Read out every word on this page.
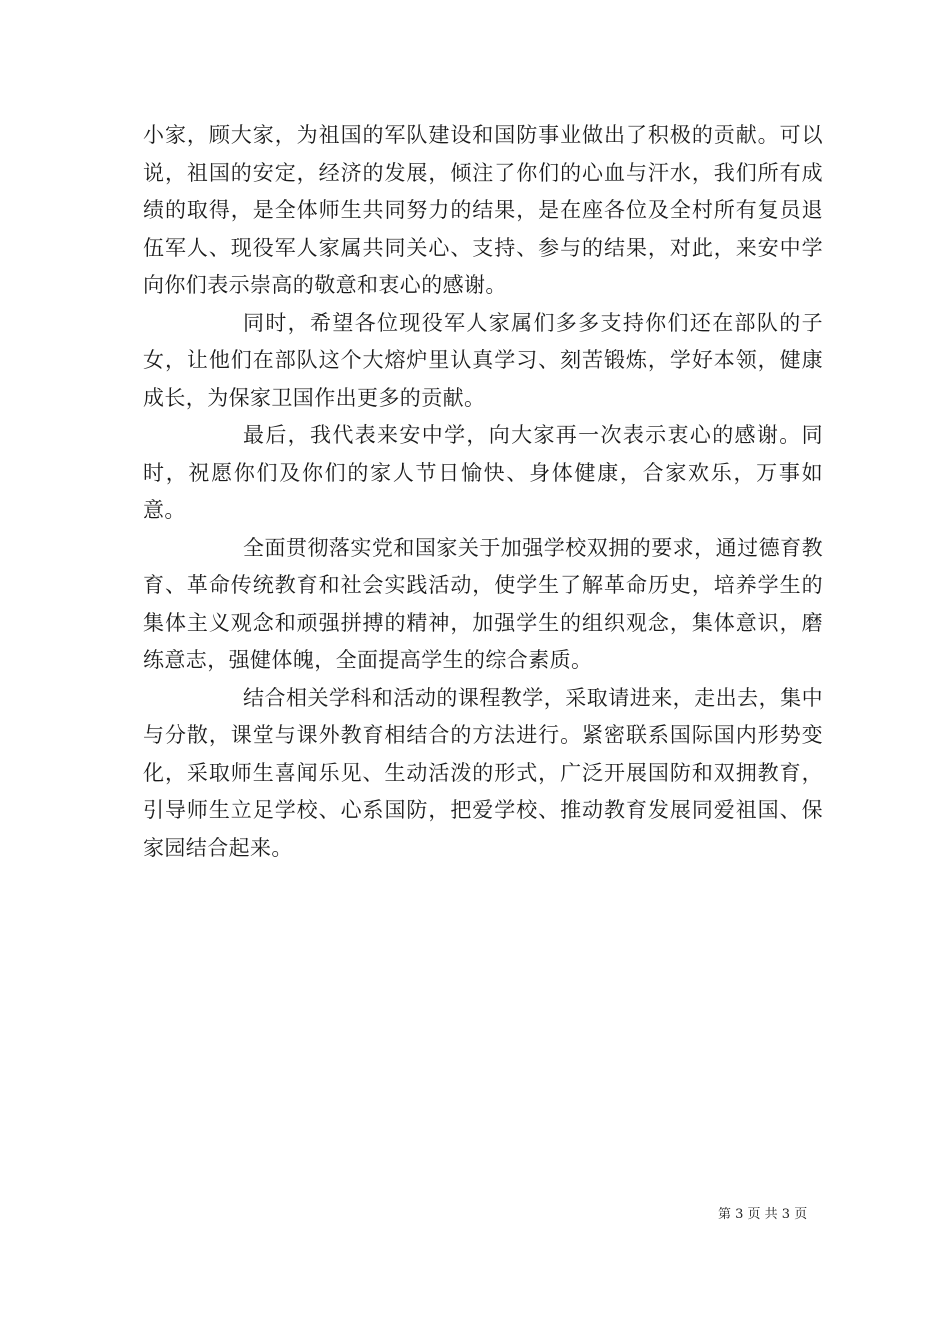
小家，顾大家，为祖国的军队建设和国防事业做出了积极的贡献。可以说，祖国的安定，经济的发展，倾注了你们的心血与汗水，我们所有成绩的取得，是全体师生共同努力的结果，是在座各位及全村所有复员退伍军人、现役军人家属共同关心、支持、参与的结果，对此，来安中学向你们表示崇高的敬意和衷心的感谢。

同时，希望各位现役军人家属们多多支持你们还在部队的子女，让他们在部队这个大熔炉里认真学习、刻苦锻炼，学好本领，健康成长，为保家卫国作出更多的贡献。

最后，我代表来安中学，向大家再一次表示衷心的感谢。同时，祝愿你们及你们的家人节日愉快、身体健康，合家欢乐，万事如意。

全面贯彻落实党和国家关于加强学校双拥的要求，通过德育教育、革命传统教育和社会实践活动，使学生了解革命历史，培养学生的集体主义观念和顽强拼搏的精神，加强学生的组织观念，集体意识，磨练意志，强健体魄，全面提高学生的综合素质。

结合相关学科和活动的课程教学，采取请进来，走出去，集中与分散，课堂与课外教育相结合的方法进行。紧密联系国际国内形势变化，采取师生喜闻乐见、生动活泼的形式，广泛开展国防和双拥教育，引导师生立足学校、心系国防，把爱学校、推动教育发展同爱祖国、保家园结合起来。

第 3 页 共 3 页
